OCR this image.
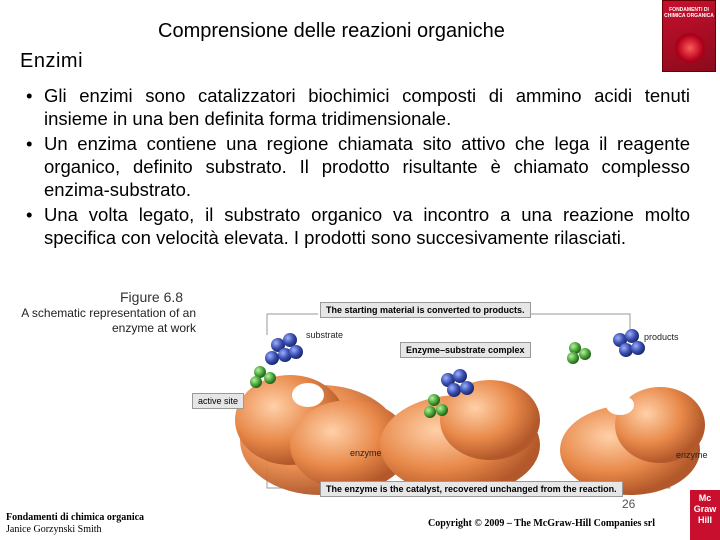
Comprensione delle reazioni organiche
Enzimi
FONDAMENTI DI CHIMICA ORGANICA
• Gli enzimi sono catalizzatori biochimici composti di ammino acidi tenuti insieme in una ben definita forma tridimensionale.
• Un enzima contiene una regione chiamata sito attivo che lega il reagente organico, definito substrato. Il prodotto risultante è chiamato complesso enzima-substrato.
• Una volta legato, il substrato organico va incontro a una reazione molto specifica con velocità elevata. I prodotti sono succesivamente rilasciati.
Figure 6.8
A schematic representation of an enzyme at work
The starting material is converted to products.
Enzyme–substrate complex
The enzyme is the catalyst, recovered unchanged from the reaction.
active site
substrate	products
enzyme	enzyme
26
Fondamenti di chimica organica
Janice Gorzynski Smith
Copyright © 2009 – The McGraw-Hill Companies srl
Mc Graw Hill
